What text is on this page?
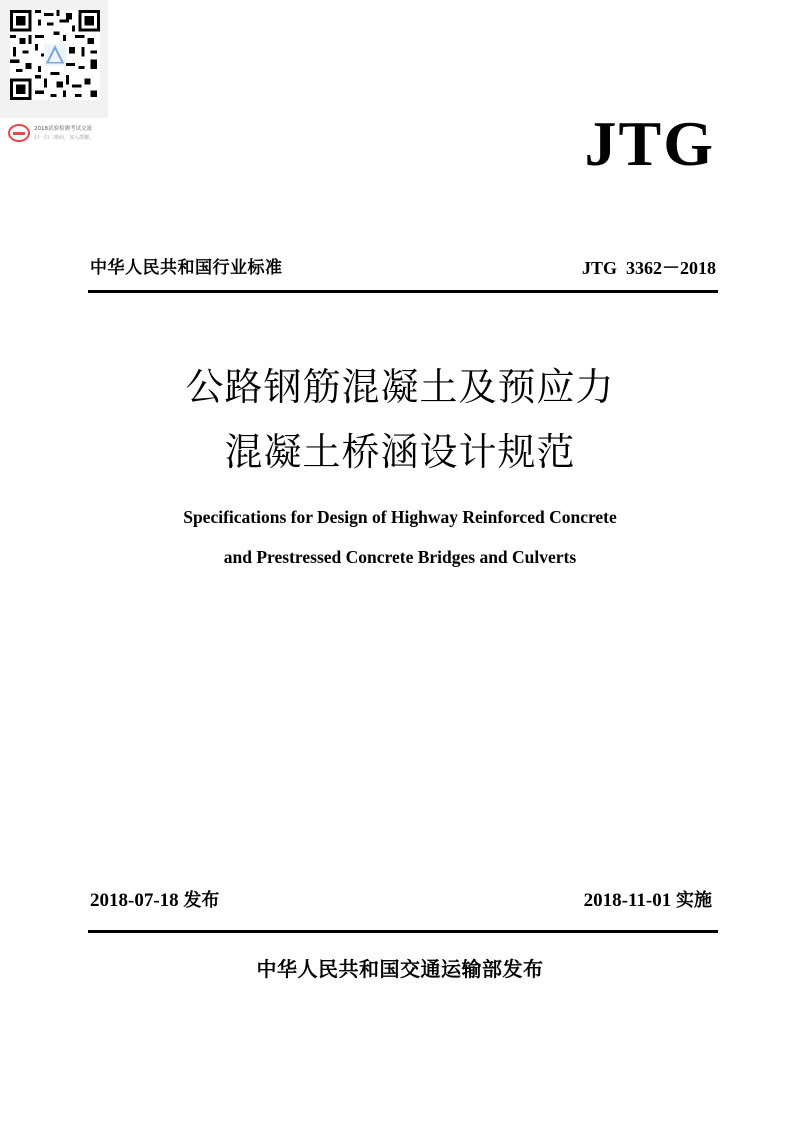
2018试验检测考试交流
扫一扫二维码，加入群聊。	JTG
中华人民共和国行业标准	JTG  3362－2018
公路钢筋混凝土及预应力
混凝土桥涵设计规范
Specifications for Design of Highway Reinforced Concrete
and Prestressed Concrete Bridges and Culverts
2018-07-18 发布	2018-11-01 实施
中华人民共和国交通运输部发布
